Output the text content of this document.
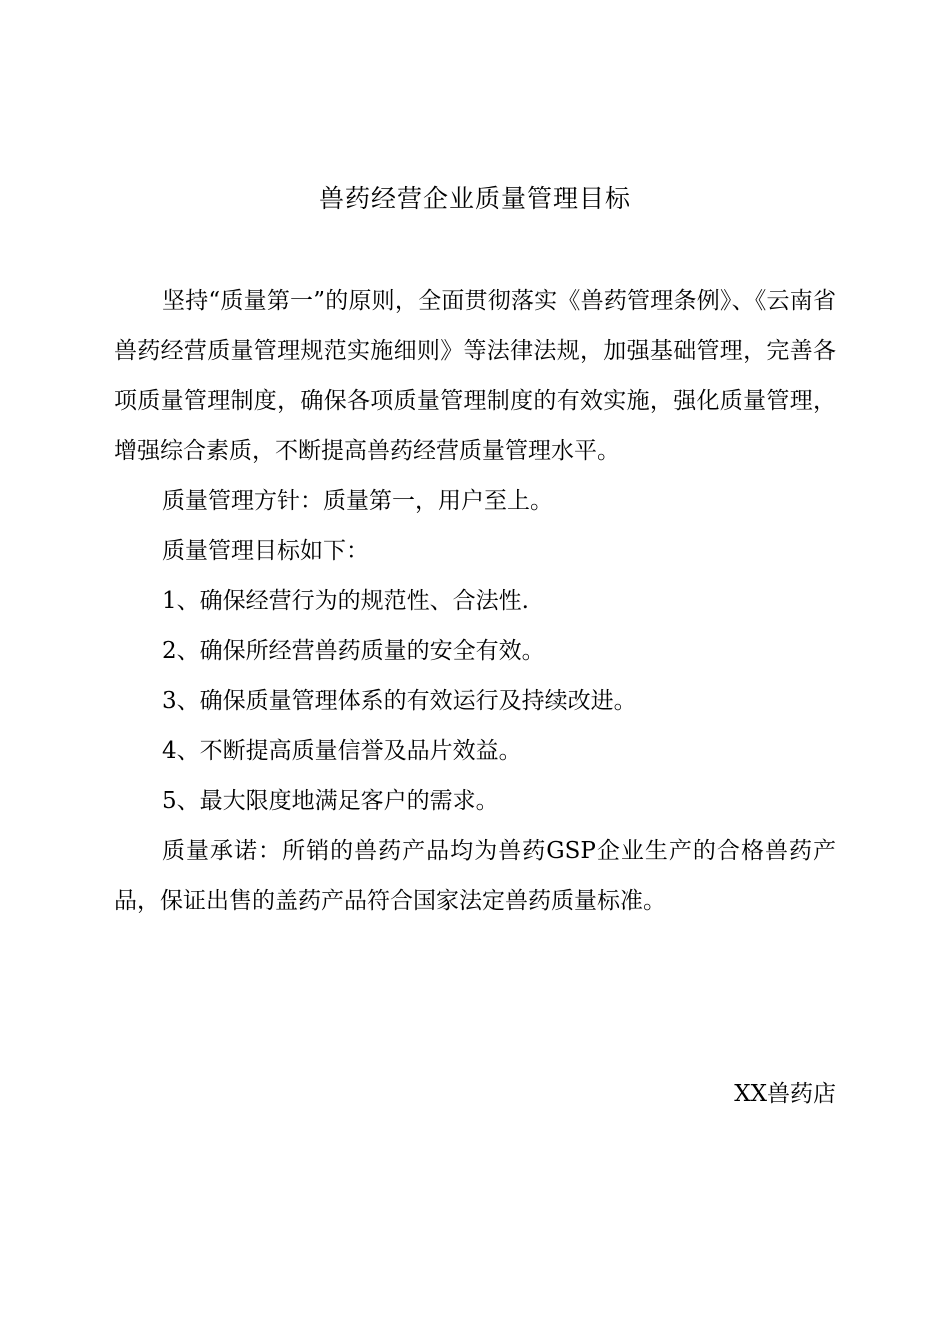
兽药经营企业质量管理目标

坚持“质量第一”的原则，全面贯彻落实《兽药管理条例》、《云南省兽药经营质量管理规范实施细则》等法律法规，加强基础管理，完善各项质量管理制度，确保各项质量管理制度的有效实施，强化质量管理，增强综合素质，不断提高兽药经营质量管理水平。

质量管理方针：质量第一，用户至上。

质量管理目标如下：

1、确保经营行为的规范性、合法性.

2、确保所经营兽药质量的安全有效。

3、确保质量管理体系的有效运行及持续改进。

4、不断提高质量信誉及品片效益。

5、最大限度地满足客户的需求。

质量承诺：所销的兽药产品均为兽药GSP企业生产的合格兽药产品，保证出售的盖药产品符合国家法定兽药质量标准。

XX兽药店
